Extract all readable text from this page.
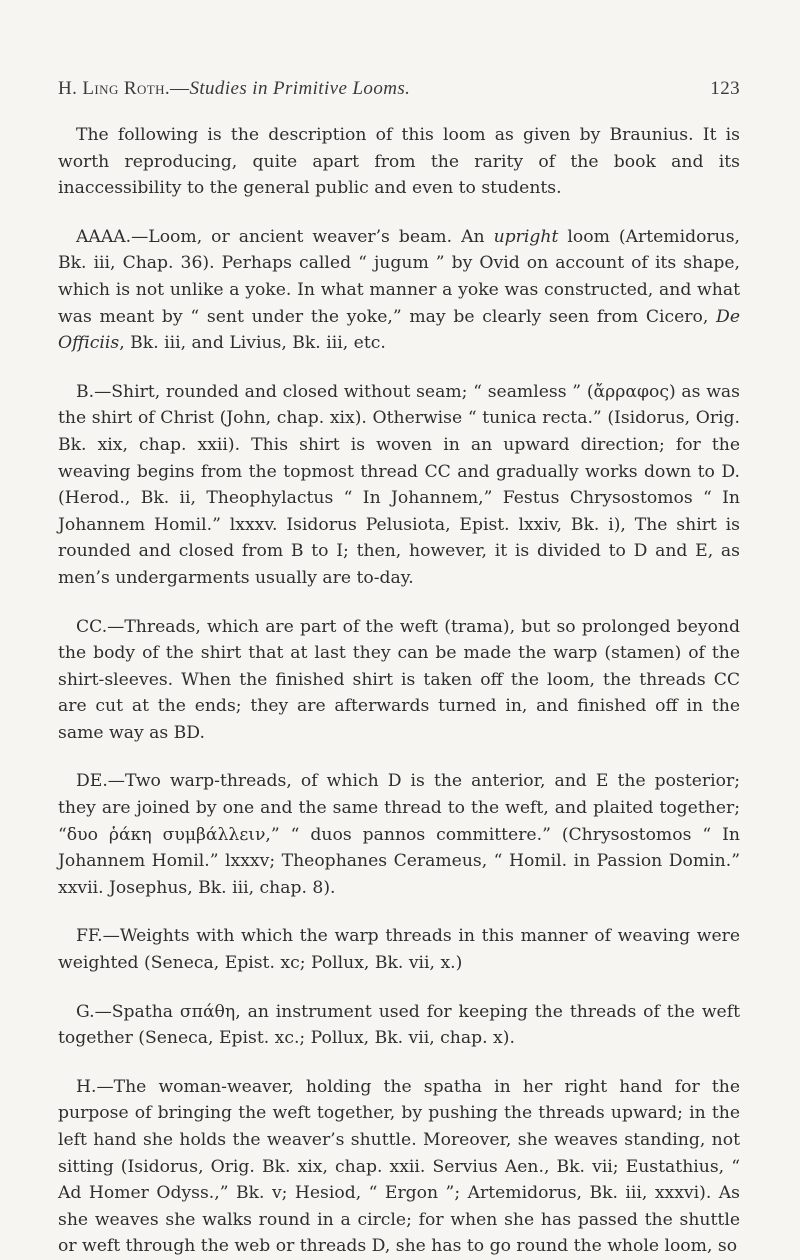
H. Ling Roth.—Studies in Primitive Looms.	123

The following is the description of this loom as given by Braunius. It is worth reproducing, quite apart from the rarity of the book and its inaccessibility to the general public and even to students.

AAAA.—Loom, or ancient weaver’s beam. An upright loom (Artemidorus, Bk. iii, Chap. 36). Perhaps called “ jugum ” by Ovid on account of its shape, which is not unlike a yoke. In what manner a yoke was constructed, and what was meant by “ sent under the yoke,” may be clearly seen from Cicero, De Officiis, Bk. iii, and Livius, Bk. iii, etc.

B.—Shirt, rounded and closed without seam; “ seamless ” (ἄρραφος) as was the shirt of Christ (John, chap. xix). Otherwise “ tunica recta.” (Isidorus, Orig. Bk. xix, chap. xxii). This shirt is woven in an upward direction; for the weaving begins from the topmost thread CC and gradually works down to D. (Herod., Bk. ii, Theophylactus “ In Johannem,” Festus Chrysostomos “ In Johannem Homil.” lxxxv. Isidorus Pelusiota, Epist. lxxiv, Bk. i), The shirt is rounded and closed from B to I; then, however, it is divided to D and E, as men’s undergarments usually are to-day.

CC.—Threads, which are part of the weft (trama), but so prolonged beyond the body of the shirt that at last they can be made the warp (stamen) of the shirt-sleeves. When the finished shirt is taken off the loom, the threads CC are cut at the ends; they are afterwards turned in, and finished off in the same way as BD.

DE.—Two warp-threads, of which D is the anterior, and E the posterior; they are joined by one and the same thread to the weft, and plaited together; “δυο ῥάκη συμβάλλειν,” “ duos pannos committere.” (Chrysostomos “ In Johannem Homil.” lxxxv; Theophanes Ceramеus, “ Homil. in Passion Domin.” xxvii. Josephus, Bk. iii, chap. 8).

FF.—Weights with which the warp threads in this manner of weaving were weighted (Seneca, Epist. xc; Pollux, Bk. vii, x.)

G.—Spatha σπάθη, an instrument used for keeping the threads of the weft together (Seneca, Epist. xc.; Pollux, Bk. vii, chap. x).

H.—The woman-weaver, holding the spatha in her right hand for the purpose of bringing the weft together, by pushing the threads upward; in the left hand she holds the weaver’s shuttle. Moreover, she weaves standing, not sitting (Isidorus, Orig. Bk. xix, chap. xxii. Servius Aen., Bk. vii; Eustathius, “ Ad Homer Odyss.,” Bk. v; Hesiod, “ Ergon ”; Artemidorus, Bk. iii, xxxvi). As she weaves she walks round in a circle; for when she has passed the shuttle or weft through the web or threads D, she has to go round the whole loom, so
